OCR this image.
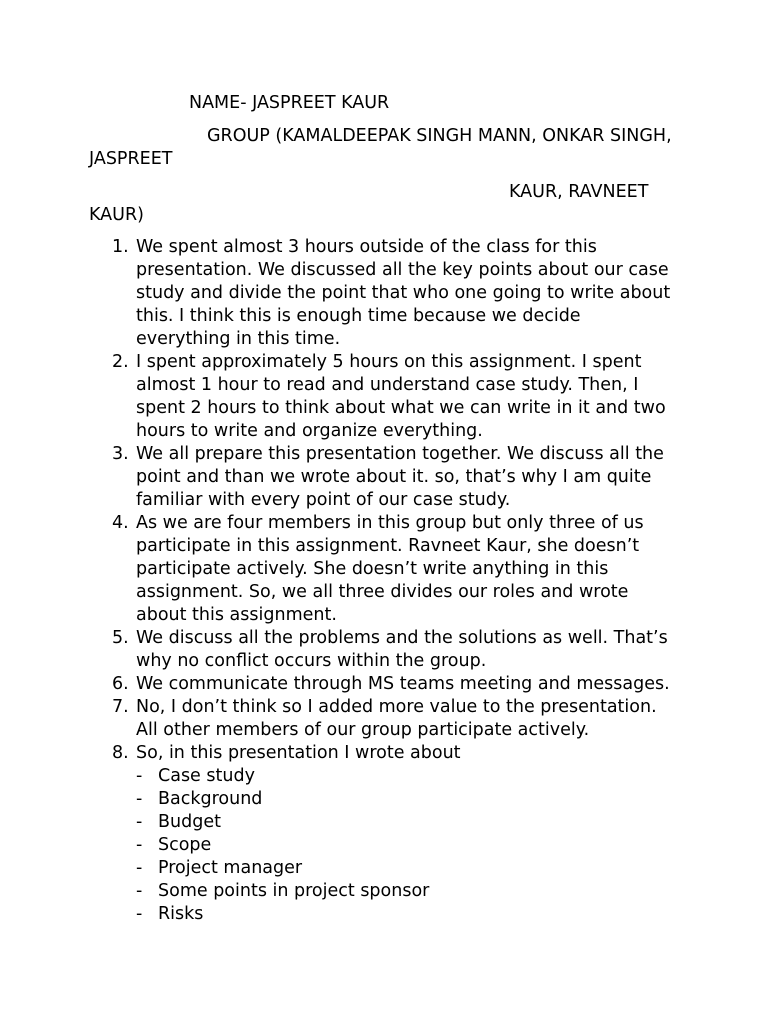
NAME- JASPREET KAUR
GROUP (KAMALDEEPAK SINGH MANN, ONKAR SINGH,
JASPREET
KAUR, RAVNEET
KAUR)
1. We spent almost 3 hours outside of the class for this
presentation. We discussed all the key points about our case
study and divide the point that who one going to write about
this. I think this is enough time because we decide
everything in this time.
2. I spent approximately 5 hours on this assignment. I spent
almost 1 hour to read and understand case study. Then, I
spent 2 hours to think about what we can write in it and two
hours to write and organize everything.
3. We all prepare this presentation together. We discuss all the
point and than we wrote about it. so, that’s why I am quite
familiar with every point of our case study.
4. As we are four members in this group but only three of us
participate in this assignment. Ravneet Kaur, she doesn’t
participate actively. She doesn’t write anything in this
assignment. So, we all three divides our roles and wrote
about this assignment.
5. We discuss all the problems and the solutions as well. That’s
why no conflict occurs within the group.
6. We communicate through MS teams meeting and messages.
7. No, I don’t think so I added more value to the presentation.
All other members of our group participate actively.
8. So, in this presentation I wrote about
- Case study
- Background
- Budget
- Scope
- Project manager
- Some points in project sponsor
- Risks
